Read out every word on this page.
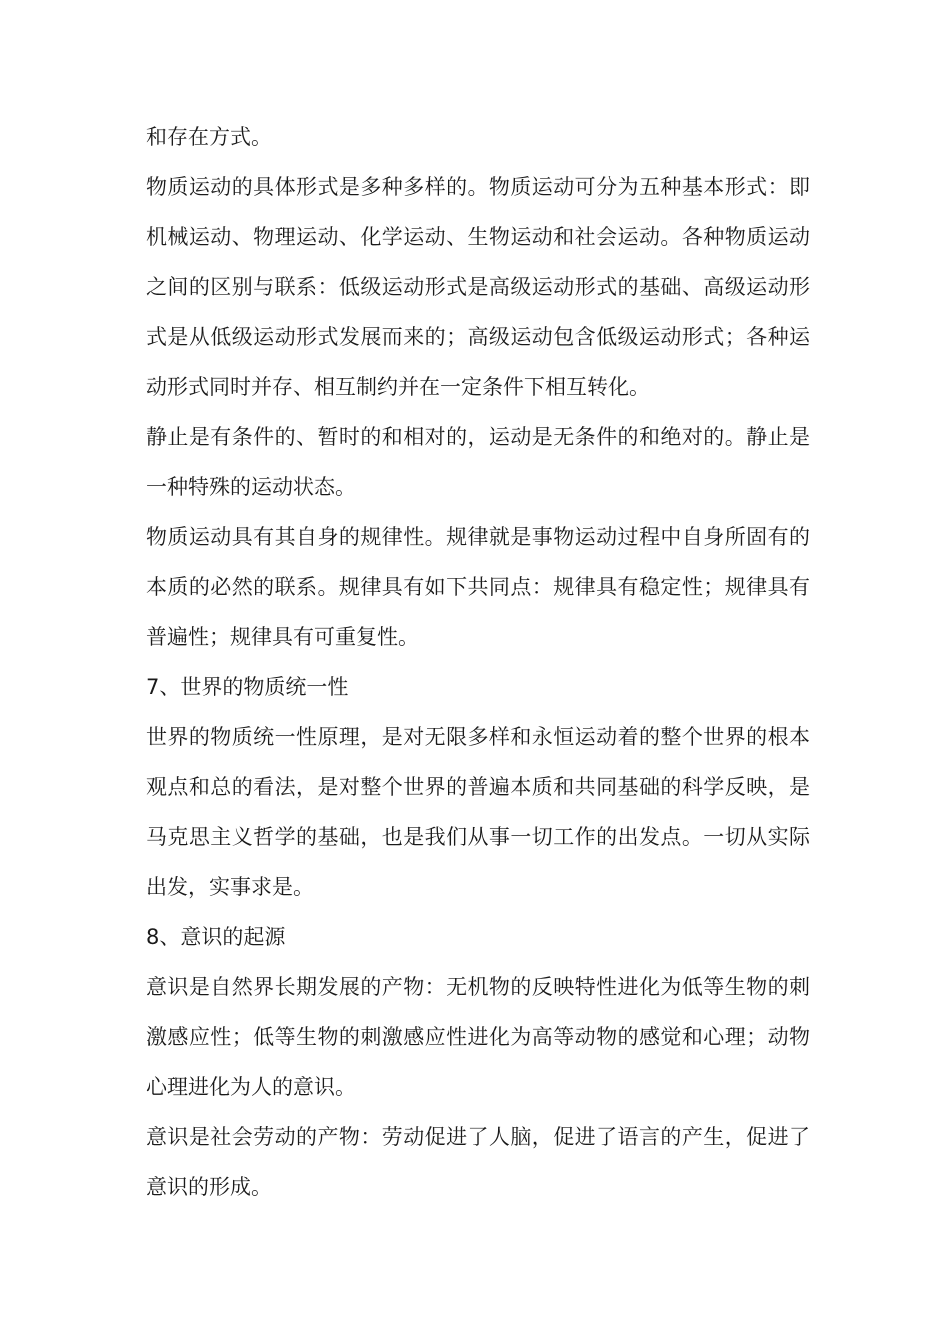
和存在方式。

物质运动的具体形式是多种多样的。物质运动可分为五种基本形式：即机械运动、物理运动、化学运动、生物运动和社会运动。各种物质运动之间的区别与联系：低级运动形式是高级运动形式的基础、高级运动形式是从低级运动形式发展而来的；高级运动包含低级运动形式；各种运动形式同时并存、相互制约并在一定条件下相互转化。

静止是有条件的、暂时的和相对的，运动是无条件的和绝对的。静止是一种特殊的运动状态。

物质运动具有其自身的规律性。规律就是事物运动过程中自身所固有的本质的必然的联系。规律具有如下共同点：规律具有稳定性；规律具有普遍性；规律具有可重复性。

7、世界的物质统一性

世界的物质统一性原理，是对无限多样和永恒运动着的整个世界的根本观点和总的看法，是对整个世界的普遍本质和共同基础的科学反映，是马克思主义哲学的基础，也是我们从事一切工作的出发点。一切从实际出发，实事求是。

8、意识的起源

意识是自然界长期发展的产物：无机物的反映特性进化为低等生物的刺激感应性；低等生物的刺激感应性进化为高等动物的感觉和心理；动物心理进化为人的意识。

意识是社会劳动的产物：劳动促进了人脑，促进了语言的产生，促进了意识的形成。
